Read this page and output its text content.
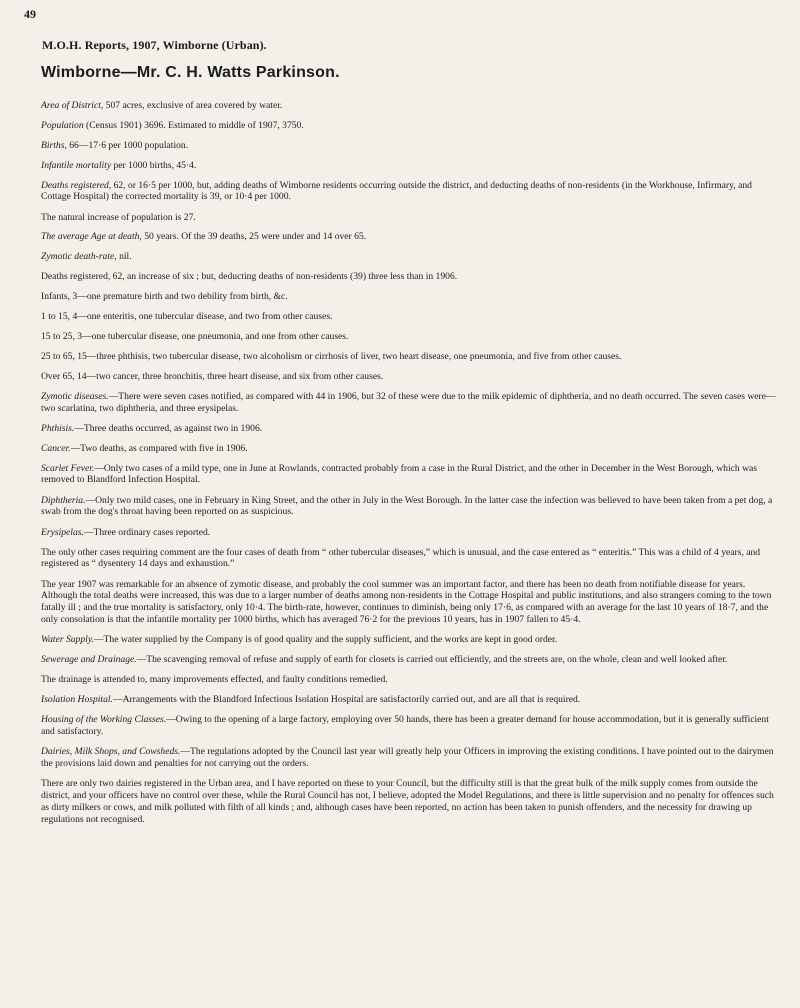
49
M.O.H. Reports, 1907, Wimborne (Urban).
Wimborne—Mr. C. H. Watts Parkinson.

Area of District, 507 acres, exclusive of area covered by water.

Population (Census 1901) 3696. Estimated to middle of 1907, 3750.

Births, 66—17·6 per 1000 population.

Infantile mortality per 1000 births, 45·4.

Deaths registered, 62, or 16·5 per 1000, but, adding deaths of Wimborne residents occurring outside the district, and deducting deaths of non-residents (in the Workhouse, Infirmary, and Cottage Hospital) the corrected mortality is 39, or 10·4 per 1000.

The natural increase of population is 27.

The average Age at death, 50 years. Of the 39 deaths, 25 were under and 14 over 65.

Zymotic death-rate, nil.

Deaths registered, 62, an increase of six ; but, deducting deaths of non-residents (39) three less than in 1906.

Infants, 3—one premature birth and two debility from birth, &c.

1 to 15, 4—one enteritis, one tubercular disease, and two from other causes.

15 to 25, 3—one tubercular disease, one pneumonia, and one from other causes.

25 to 65, 15—three phthisis, two tubercular disease, two alcoholism or cirrhosis of liver, two heart disease, one pneumonia, and five from other causes.

Over 65, 14—two cancer, three bronchitis, three heart disease, and six from other causes.

Zymotic diseases.—There were seven cases notified, as compared with 44 in 1906, but 32 of these were due to the milk epidemic of diphtheria, and no death occurred. The seven cases were—two scarlatina, two diphtheria, and three erysipelas.

Phthisis.—Three deaths occurred, as against two in 1906.

Cancer.—Two deaths, as compared with five in 1906.

Scarlet Fever.—Only two cases of a mild type, one in June at Rowlands, contracted probably from a case in the Rural District, and the other in December in the West Borough, which was removed to Blandford Infection Hospital.

Diphtheria.—Only two mild cases, one in February in King Street, and the other in July in the West Borough. In the latter case the infection was believed to have been taken from a pet dog, a swab from the dog's throat having been reported on as suspicious.

Erysipelas.—Three ordinary cases reported.

The only other cases requiring comment are the four cases of death from “ other tubercular diseases,” which is unusual, and the case entered as “ enteritis.” This was a child of 4 years, and registered as “ dysentery 14 days and exhaustion.”

The year 1907 was remarkable for an absence of zymotic disease, and probably the cool summer was an important factor, and there has been no death from notifiable disease for years. Although the total deaths were increased, this was due to a larger number of deaths among non-residents in the Cottage Hospital and public institutions, and also strangers coming to the town fatally ill ; and the true mortality is satisfactory, only 10·4. The birth-rate, however, continues to diminish, being only 17·6, as compared with an average for the last 10 years of 18·7, and the only consolation is that the infantile mortality per 1000 births, which has averaged 76·2 for the previous 10 years, has in 1907 fallen to 45·4.

Water Supply.—The water supplied by the Company is of good quality and the supply sufficient, and the works are kept in good order.

Sewerage and Drainage.—The scavenging removal of refuse and supply of earth for closets is carried out efficiently, and the streets are, on the whole, clean and well looked after.

The drainage is attended to, many improvements effected, and faulty conditions remedied.

Isolation Hospital.—Arrangements with the Blandford Infectious Isolation Hospital are satisfactorily carried out, and are all that is required.

Housing of the Working Classes.—Owing to the opening of a large factory, employing over 50 hands, there has been a greater demand for house accommodation, but it is generally sufficient and satisfactory.

Dairies, Milk Shops, and Cowsheds.—The regulations adopted by the Council last year will greatly help your Officers in improving the existing conditions. I have pointed out to the dairymen the provisions laid down and penalties for not carrying out the orders.

There are only two dairies registered in the Urban area, and I have reported on these to your Council, but the difficulty still is that the great bulk of the milk supply comes from outside the district, and your officers have no control over these, while the Rural Council has not, I believe, adopted the Model Regulations, and there is little supervision and no penalty for offences such as dirty milkers or cows, and milk polluted with filth of all kinds ; and, although cases have been reported, no action has been taken to punish offenders, and the necessity for drawing up regulations not recognised.
